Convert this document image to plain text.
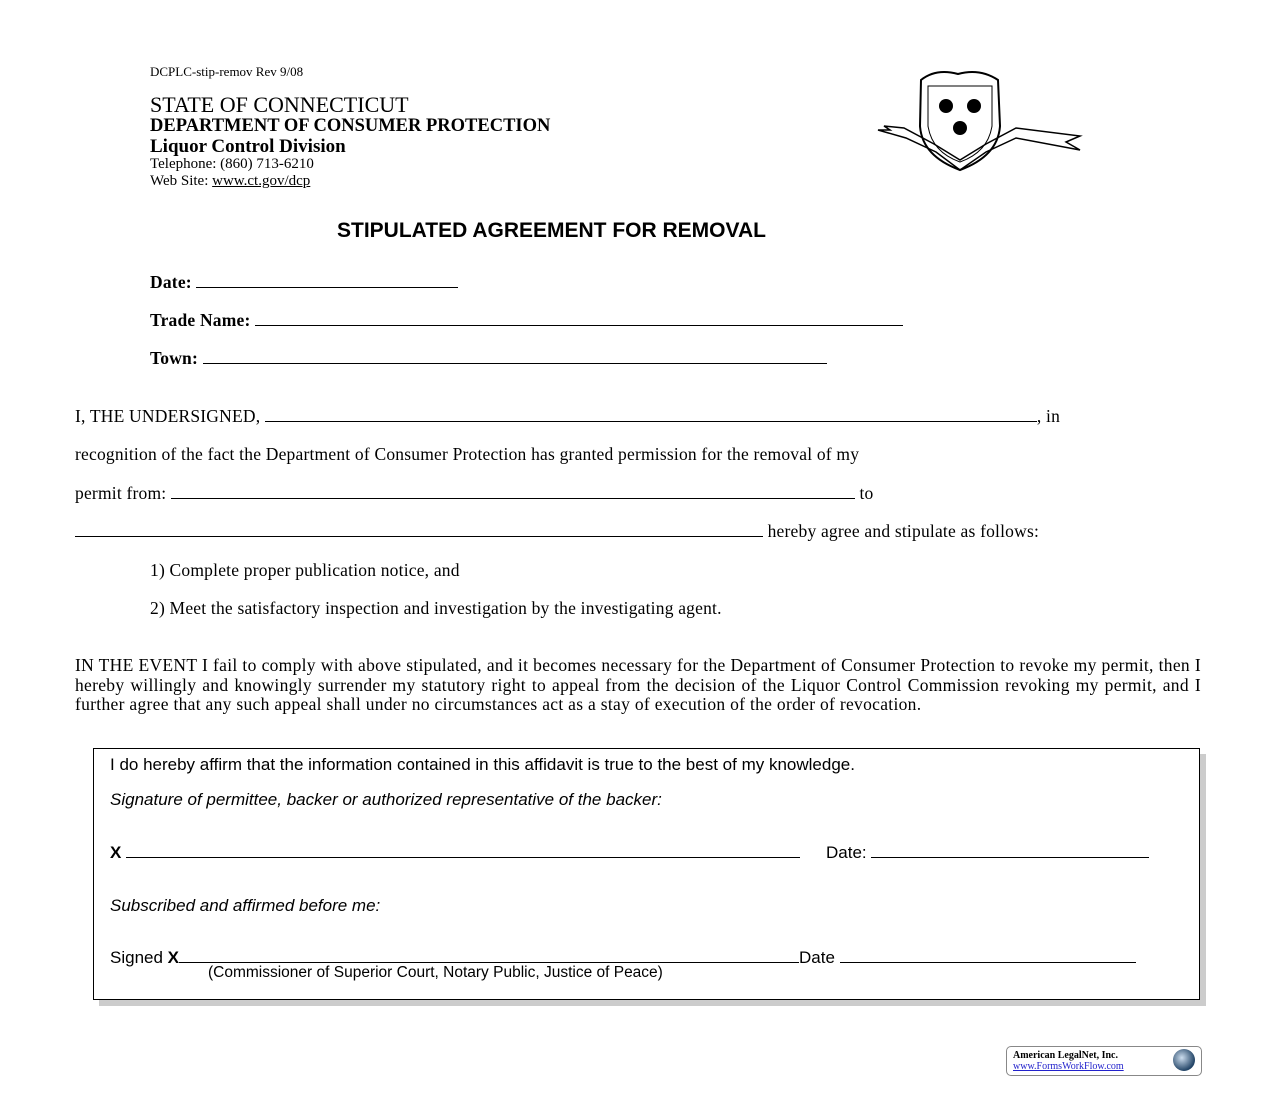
DCPLC-stip-remov Rev 9/08
STATE OF CONNECTICUT
DEPARTMENT OF CONSUMER PROTECTION
Liquor Control Division
Telephone: (860) 713-6210
Web Site: www.ct.gov/dcp
STIPULATED AGREEMENT FOR REMOVAL
Date:
Trade Name:
Town:
I, THE UNDERSIGNED,	, in
recognition of the fact the Department of Consumer Protection has granted permission for the removal of my
permit from:	to
hereby agree and stipulate as follows:
1) Complete proper publication notice, and
2) Meet the satisfactory inspection and investigation by the investigating agent.
IN THE EVENT I fail to comply with above stipulated, and it becomes necessary for the Department of Consumer Protection to revoke my permit, then I hereby willingly and knowingly surrender my statutory right to appeal from the decision of the Liquor Control Commission revoking my permit, and I further agree that any such appeal shall under no circumstances act as a stay of execution of the order of revocation.
I do hereby affirm that the information contained in this affidavit is true to the best of my knowledge.
Signature of permittee, backer or authorized representative of the backer:
X	Date:
Subscribed and affirmed before me:
Signed X	Date
(Commissioner of Superior Court, Notary Public, Justice of Peace)
American LegalNet, Inc.
www.FormsWorkFlow.com
